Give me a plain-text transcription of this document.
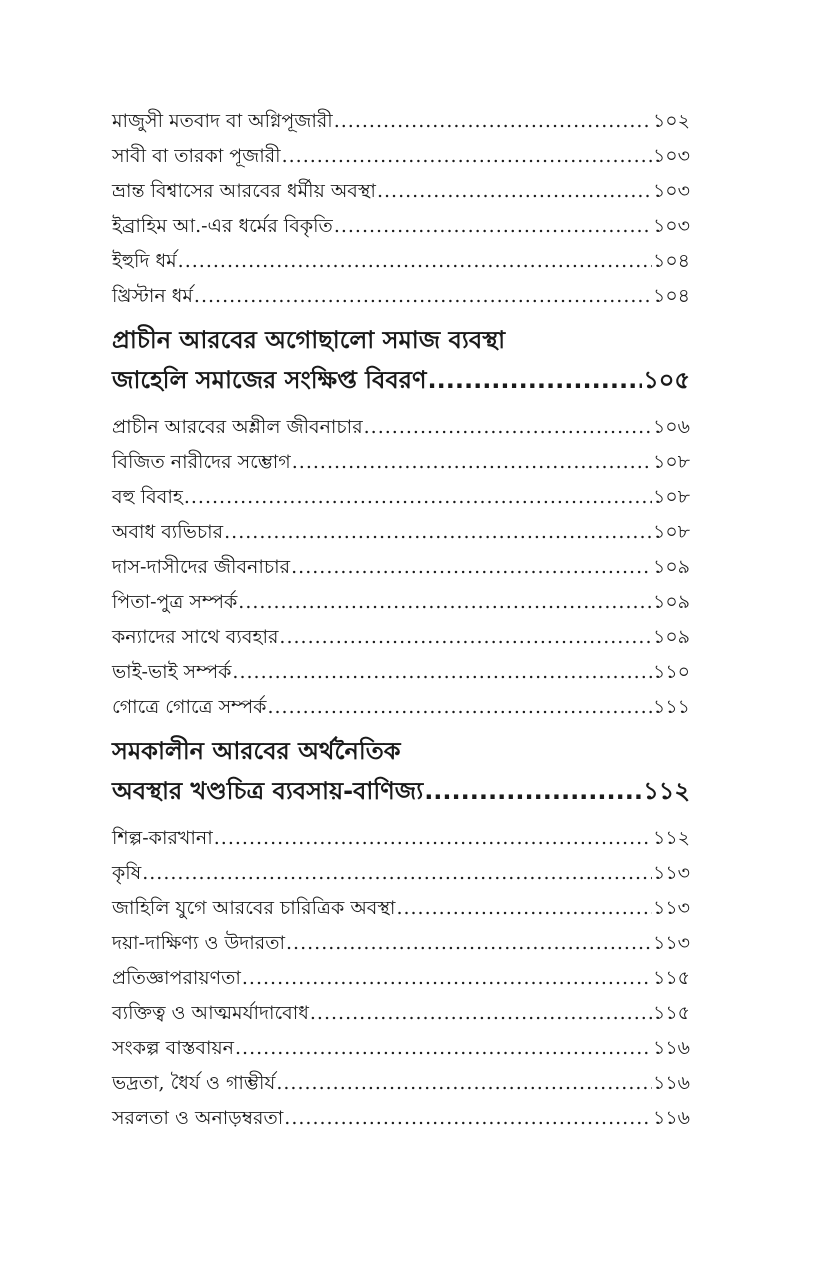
মাজুসী মতবাদ বা অগ্নিপূজারী .....	১০২
সাবী বা তারকা পূজারী .....	১০৩
ভ্রান্ত বিশ্বাসের আরবের ধর্মীয় অবস্থা .....	১০৩
ইব্রাহিম আ.-এর ধর্মের বিকৃতি .....	১০৩
ইহুদি ধর্ম .....	১০৪
খ্রিস্টান ধর্ম .....	১০৪
প্রাচীন আরবের অগোছালো সমাজ ব্যবস্থা
জাহেলি সমাজের সংক্ষিপ্ত বিবরণ .....	১০৫
প্রাচীন আরবের অশ্লীল জীবনাচার .....	১০৬
বিজিত নারীদের সম্ভোগ .....	১০৮
বহু বিবাহ .....	১০৮
অবাধ ব্যভিচার .....	১০৮
দাস-দাসীদের জীবনাচার .....	১০৯
পিতা-পুত্র সম্পর্ক .....	১০৯
কন্যাদের সাথে ব্যবহার .....	১০৯
ভাই-ভাই সম্পর্ক .....	১১০
গোত্রে গোত্রে সম্পর্ক .....	১১১
সমকালীন আরবের অর্থনৈতিক
অবস্থার খণ্ডচিত্র ব্যবসায়-বাণিজ্য .....	১১২
শিল্প-কারখানা .....	১১২
কৃষি .....	১১৩
জাহিলি যুগে আরবের চারিত্রিক অবস্থা .....	১১৩
দয়া-দাক্ষিণ্য ও উদারতা .....	১১৩
প্রতিজ্ঞাপরায়ণতা .....	১১৫
ব্যক্তিত্ব ও আত্মমর্যাদাবোধ .....	১১৫
সংকল্প বাস্তবায়ন .....	১১৬
ভদ্রতা, ধৈর্য ও গাম্ভীর্য .....	১১৬
সরলতা ও অনাড়ম্বরতা .....	১১৬
